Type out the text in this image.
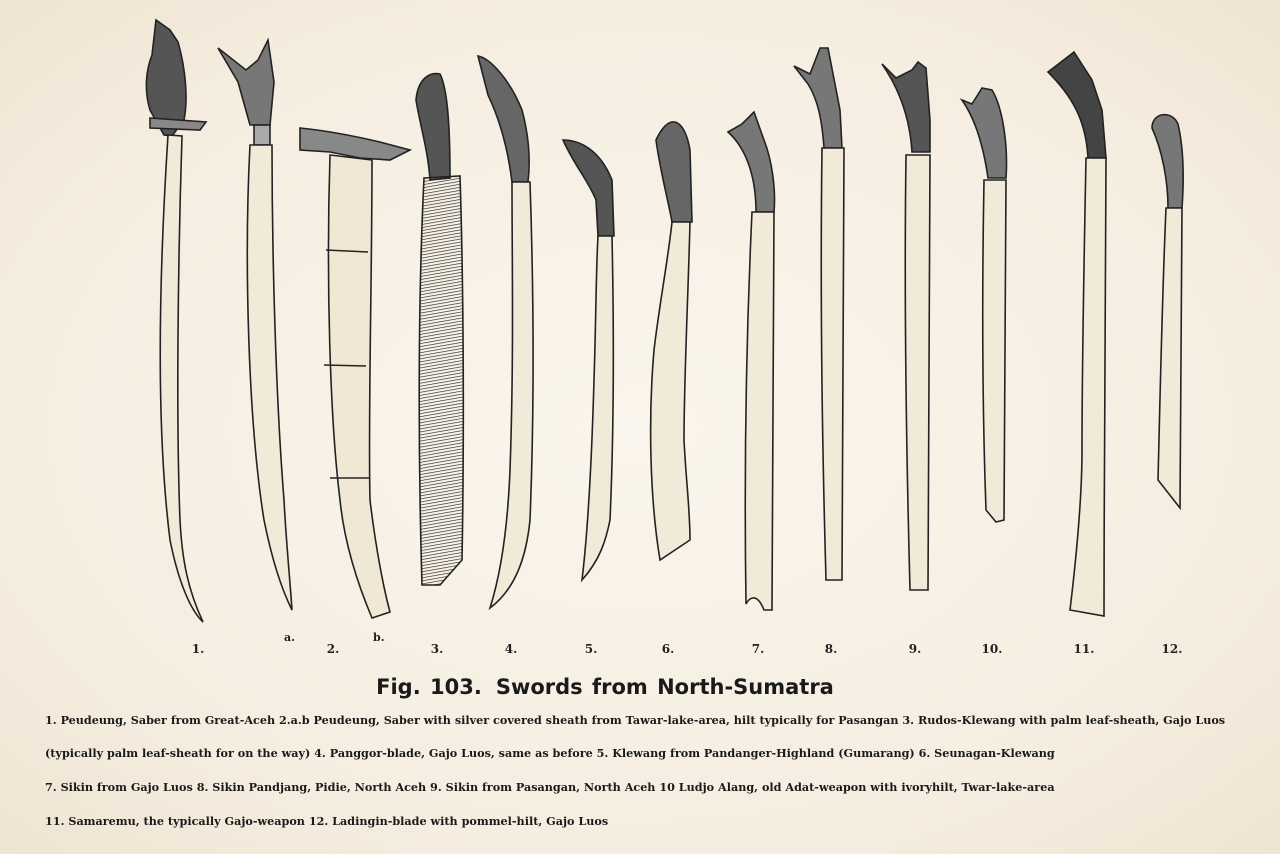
1.	2.	3.	4.	5.	6.	7.	8.	9.	10.	11.	12.
a.	b.
Fig. 103. Swords from North-Sumatra
1. Peudeung, Saber from Great-Aceh 2.a.b Peudeung, Saber with silver covered sheath from Tawar-lake-area, hilt typically for Pasangan 3. Rudos-Klewang with palm leaf-sheath, Gajo Luos
(typically palm leaf-sheath for on the way) 4. Panggor-blade, Gajo Luos, same as before 5. Klewang from Pandanger-Highland (Gumarang) 6. Seunagan-Klewang
7. Sikin from Gajo Luos 8. Sikin Pandjang, Pidie, North Aceh 9. Sikin from Pasangan, North Aceh 10 Ludjo Alang, old Adat-weapon with ivoryhilt, Twar-lake-area
11. Samaremu, the typically Gajo-weapon 12. Ladingin-blade with pommel-hilt, Gajo Luos
